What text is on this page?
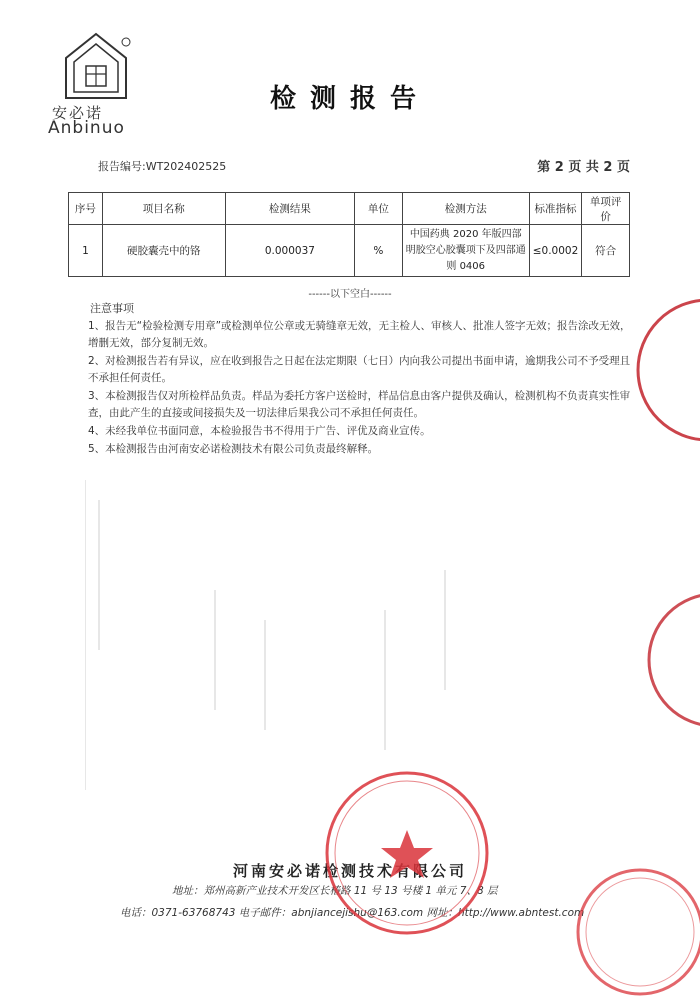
安必诺
Anbinuo
检测报告
报告编号:WT202402525	第 2 页 共 2 页
序号	项目名称	检测结果	单位	检测方法	标准指标	单项评价
1	硬胶囊壳中的铬	0.000037	%	中国药典 2020 年版四部明胶空心胶囊项下及四部通则 0406	≤0.0002	符合
------以下空白------
注意事项

1、报告无“检验检测专用章”或检测单位公章或无骑缝章无效，无主检人、审核人、批准人签字无效；报告涂改无效，增删无效，部分复制无效。

2、对检测报告若有异议，应在收到报告之日起在法定期限（七日）内向我公司提出书面申请，逾期我公司不予受理且不承担任何责任。

3、本检测报告仅对所检样品负责。样品为委托方客户送检时，样品信息由客户提供及确认，检测机构不负责真实性审查，由此产生的直接或间接损失及一切法律后果我公司不承担任何责任。

4、未经我单位书面同意，本检验报告书不得用于广告、评优及商业宣传。

5、本检测报告由河南安必诺检测技术有限公司负责最终解释。

河南安必诺检测技术有限公司
地址：郑州高新产业技术开发区长椿路 11 号 13 号楼 1 单元 7、8 层
电话：0371-63768743 电子邮件：abnjiancejishu@163.com 网址：http://www.abntest.com
